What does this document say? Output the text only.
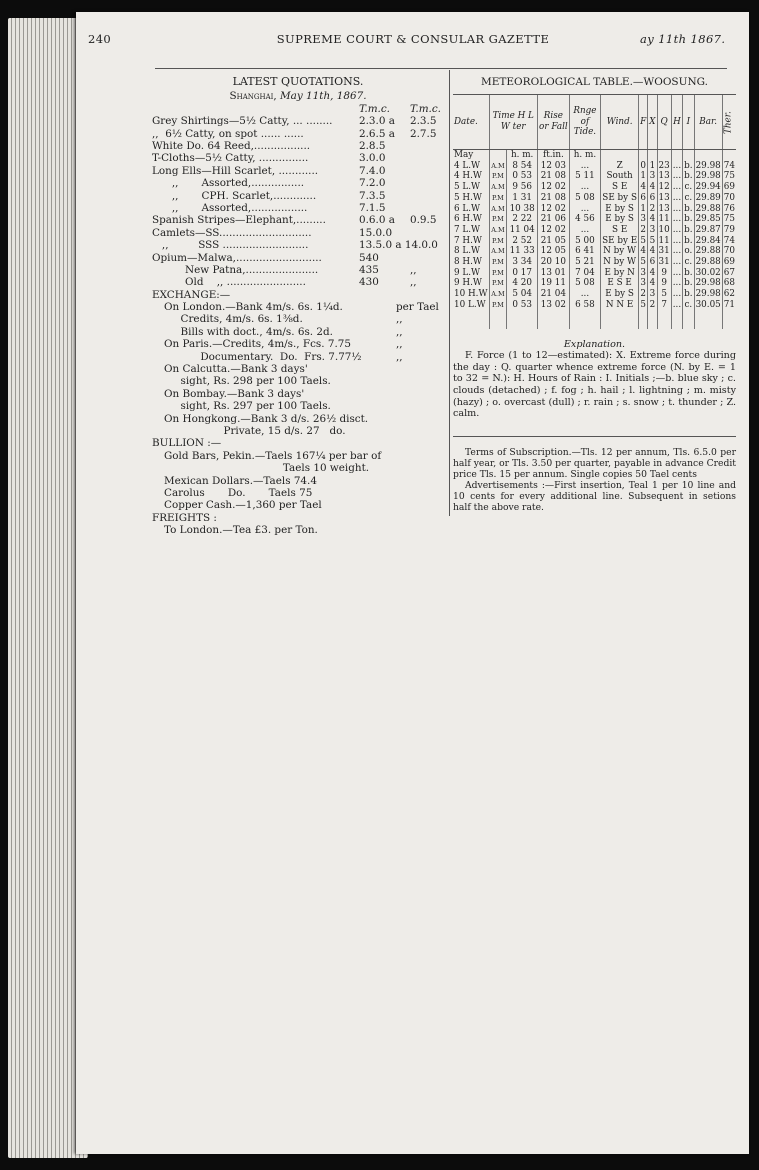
240	SUPREME COURT & CONSULAR GAZETTE	ay 11th 1867.
LATEST QUOTATIONS.
Shanghai, May 11th, 1867.
T.m.c. T.m.c.
Grey Shirtings—5½ Catty, ... ........	2.3.0 a 2.3.5
,,  6½ Catty, on spot ...... ......	2.6.5 a 2.7.5
White Do. 64 Reed,.................	2.8.5
T-Cloths—5½ Catty, ...............	3.0.0
Long Ells—Hill Scarlet, ............	7.4.0
,,       Assorted,................	7.2.0
,,       CPH. Scarlet,.............	7.3.5
,,       Assorted,.................	7.1.5
Spanish Stripes—Elephant,.........	0.6.0 a 0.9.5
Camlets—SS............................	15.0.0
,,         SSS ..........................	13.5.0 a 14.0.0
Opium—Malwa,..........................	540
New Patna,......................	435	,,
Old    ,, ........................	430	,,
EXCHANGE:—
On London.—Bank 4m/s. 6s. 1¼d.	per Tael
Credits, 4m/s. 6s. 1⅜d.	,,
Bills with doct., 4m/s. 6s. 2d.	,,
On Paris.—Credits, 4m/s., Fcs. 7.75	,,
Documentary.  Do.  Frs. 7.77½	,,
On Calcutta.—Bank 3 days'
sight, Rs. 298 per 100 Taels.
On Bombay.—Bank 3 days'
sight, Rs. 297 per 100 Taels.
On Hongkong.—Bank 3 d/s. 26½ disct.
Private, 15 d/s. 27   do.
BULLION :—
Gold Bars, Pekin.—Taels 167¼ per bar of
Taels 10 weight.
Mexican Dollars.—Taels 74.4
Carolus       Do.       Taels 75
Copper Cash.—1,360 per Tael
FREIGHTS :
To London.—Tea £3. per Ton.
METEOROLOGICAL TABLE.—WOOSUNG.
Date.	Time H L W ter		Rise or Fall	Rnge of Tide.	Wind.	F	X	Q	H	I	Bar.	Ther.
May		h. m.	ft.in.	h. m.								
4 L.W	A.M	8 54	12 03	...	Z	0	1	23	...	b.	29.98	74
4 H.W	P.M	0 53	21 08	5 11	South	1	3	13	...	b.	29.98	75
5 L.W	A.M	9 56	12 02	...	S E	4	4	12	...	c.	29.94	69
5 H.W	P.M	1 31	21 08	5 08	SE by S	6	6	13	...	c.	29.89	70
6 L.W	A.M	10 38	12 02	...	E by S	1	2	13	...	b.	29.88	76
6 H.W	P.M	2 22	21 06	4 56	E by S	3	4	11	...	b.	29.85	75
7 L.W	A.M	11 04	12 02	...	S E	2	3	10	...	b.	29.87	79
7 H.W	P.M	2 52	21 05	5 00	SE by E	5	5	11	...	b.	29.84	74
8 L.W	A.M	11 33	12 05	6 41	N by W	4	4	31	...	o.	29.88	70
8 H.W	P.M	3 34	20 10	5 21	N by W	5	6	31	...	c.	29.88	69
9 L.W	P.M	0 17	13 01	7 04	E by N	3	4	9	...	b.	30.02	67
9 H.W	P.M	4 20	19 11	5 08	E S E	3	4	9	...	b.	29.98	68
10 H.W	A.M	5 04	21 04	...	E by S	2	3	5	...	b.	29.98	62
10 L.W	P.M	0 53	13 02	6 58	N N E	5	2	7	...	c.	30.05	71

Explanation.
F. Force (1 to 12—estimated): X. Extreme force during the day : Q. quarter whence extreme force (N. by E. = 1 to 32 = N.): H. Hours of Rain : I. Initials ;—b. blue sky ; c. clouds (detached) ; f. fog ; h. hail ; l. lightning ; m. misty (hazy) ; o. overcast (dull) ; r. rain ; s. snow ; t. thunder ; Z. calm.
Terms of Subscription.—Tls. 12 per annum, Tls. 6.5.0 per half year, or Tls. 3.50 per quarter, payable in advance Credit price Tls. 15 per annum. Single copies 50 Tael cents
Advertisements :—First insertion, Teal 1 per 10 line and 10 cents for every additional line. Subsequent in setions half the above rate.
